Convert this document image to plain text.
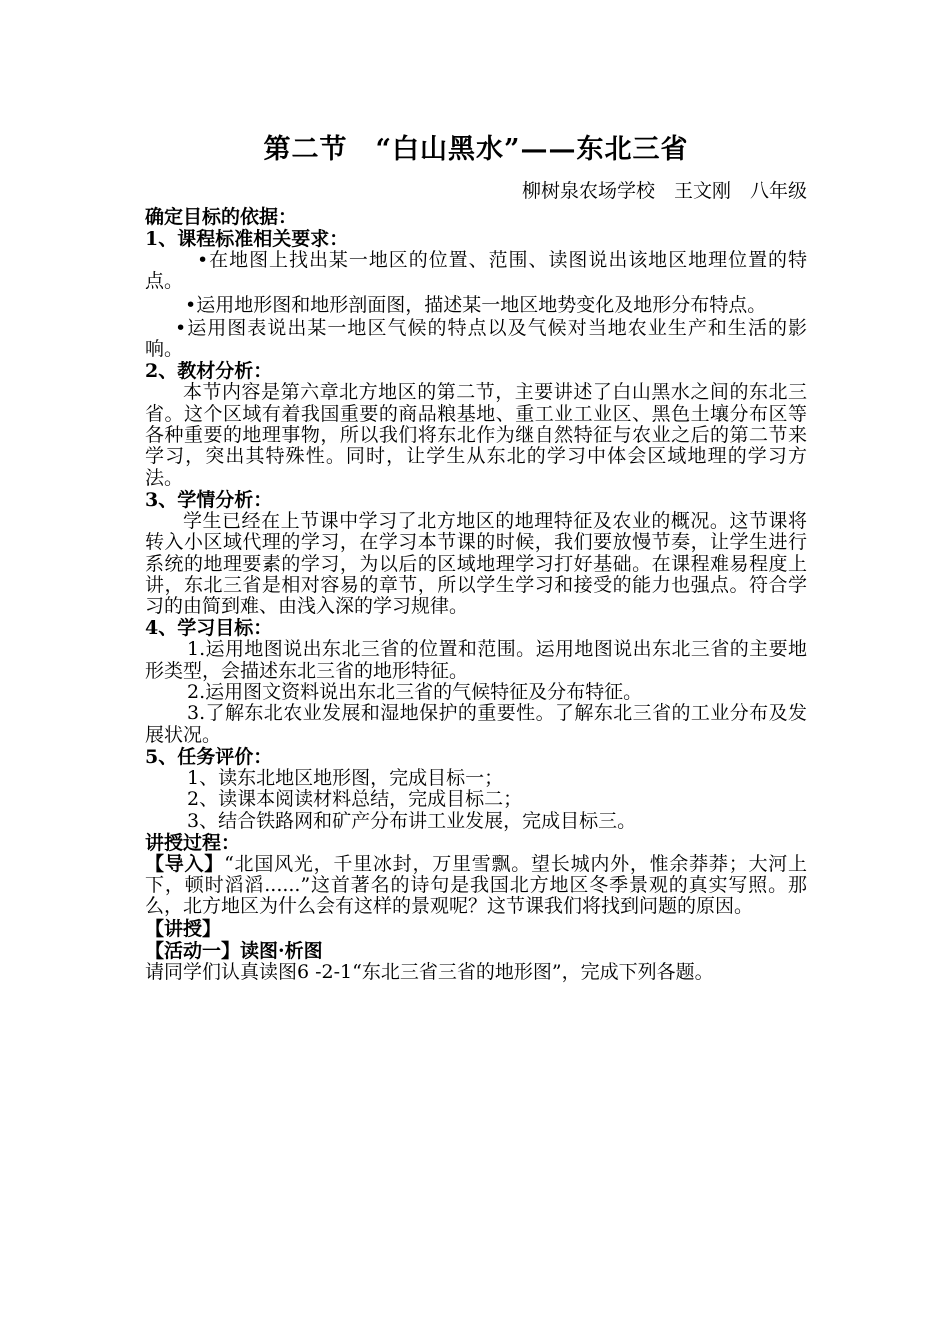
第二节　“白山黑水”——东北三省
柳树泉农场学校　王文刚　八年级
确定目标的依据：
1、课程标准相关要求：
•在地图上找出某一地区的位置、范围、读图说出该地区地理位置的特点。
•运用地形图和地形剖面图，描述某一地区地势变化及地形分布特点。
•运用图表说出某一地区气候的特点以及气候对当地农业生产和生活的影响。
2、教材分析：
本节内容是第六章北方地区的第二节，主要讲述了白山黑水之间的东北三省。这个区域有着我国重要的商品粮基地、重工业工业区、黑色土壤分布区等各种重要的地理事物，所以我们将东北作为继自然特征与农业之后的第二节来学习，突出其特殊性。同时，让学生从东北的学习中体会区域地理的学习方法。
3、学情分析：
学生已经在上节课中学习了北方地区的地理特征及农业的概况。这节课将转入小区域代理的学习，在学习本节课的时候，我们要放慢节奏，让学生进行系统的地理要素的学习，为以后的区域地理学习打好基础。在课程难易程度上讲，东北三省是相对容易的章节，所以学生学习和接受的能力也强点。符合学习的由简到难、由浅入深的学习规律。
4、学习目标：
1.运用地图说出东北三省的位置和范围。运用地图说出东北三省的主要地形类型，会描述东北三省的地形特征。
2.运用图文资料说出东北三省的气候特征及分布特征。
3.了解东北农业发展和湿地保护的重要性。了解东北三省的工业分布及发展状况。
5、任务评价：
1、读东北地区地形图，完成目标一；
2、读课本阅读材料总结，完成目标二；
3、结合铁路网和矿产分布讲工业发展，完成目标三。
讲授过程：
【导入】“北国风光，千里冰封，万里雪飘。望长城内外，惟余莽莽；大河上下，顿时滔滔......”这首著名的诗句是我国北方地区冬季景观的真实写照。那么，北方地区为什么会有这样的景观呢？这节课我们将找到问题的原因。
【讲授】
【活动一】读图·析图
请同学们认真读图6 -2-1“东北三省三省的地形图”，完成下列各题。
